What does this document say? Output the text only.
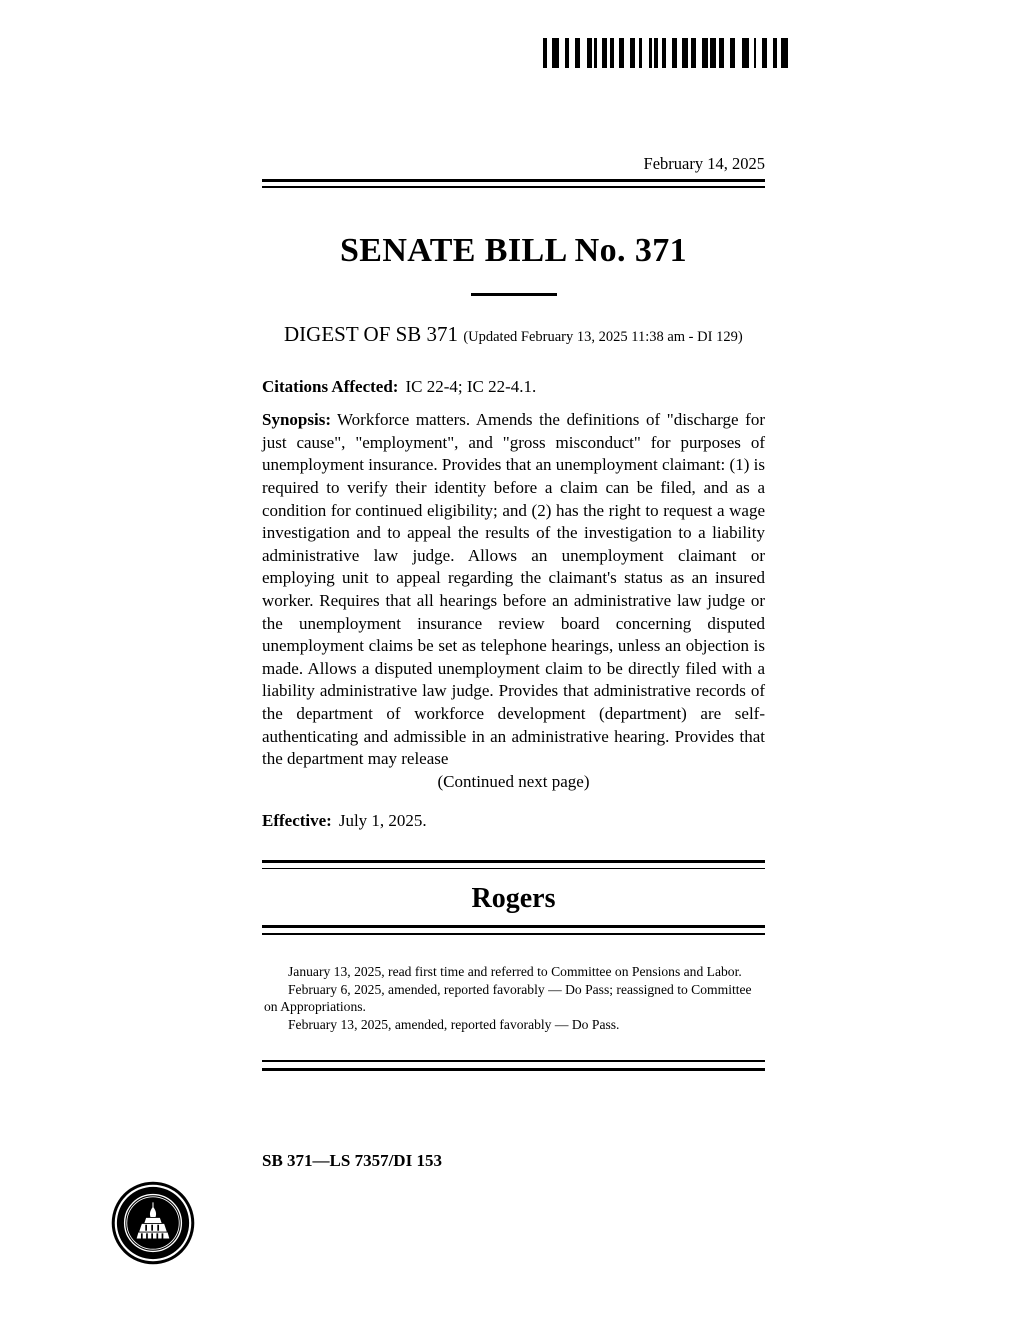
February 14, 2025
SENATE BILL No. 371
DIGEST OF SB 371 (Updated February 13, 2025 11:38 am - DI 129)
Citations Affected: IC 22-4; IC 22-4.1.
Synopsis: Workforce matters. Amends the definitions of "discharge for just cause", "employment", and "gross misconduct" for purposes of unemployment insurance. Provides that an unemployment claimant: (1) is required to verify their identity before a claim can be filed, and as a condition for continued eligibility; and (2) has the right to request a wage investigation and to appeal the results of the investigation to a liability administrative law judge. Allows an unemployment claimant or employing unit to appeal regarding the claimant's status as an insured worker. Requires that all hearings before an administrative law judge or the unemployment insurance review board concerning disputed unemployment claims be set as telephone hearings, unless an objection is made. Allows a disputed unemployment claim to be directly filed with a liability administrative law judge. Provides that administrative records of the department of workforce development (department) are self-authenticating and admissible in an administrative hearing. Provides that the department may release
(Continued next page)
Effective: July 1, 2025.
Rogers
January 13, 2025, read first time and referred to Committee on Pensions and Labor.
February 6, 2025, amended, reported favorably — Do Pass; reassigned to Committee on Appropriations.
February 13, 2025, amended, reported favorably — Do Pass.
SB 371—LS 7357/DI 153
